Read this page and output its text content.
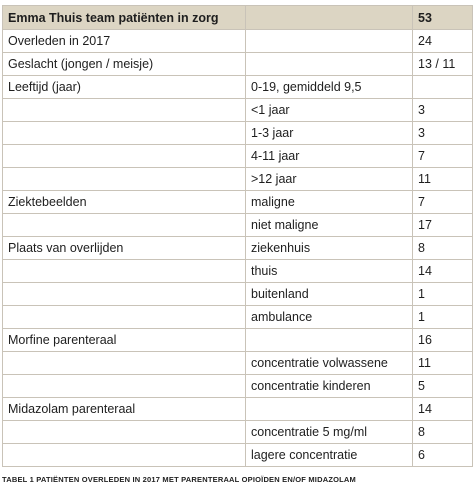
Emma Thuis team patiënten in zorg		53
Overleden in 2017		24
Geslacht (jongen / meisje)		13 / 11
Leeftijd (jaar)	0-19, gemiddeld 9,5	
	<1 jaar	3
	1-3 jaar	3
	4-11 jaar	7
	>12 jaar	11
Ziektebeelden	maligne	7
	niet maligne	17
Plaats van overlijden	ziekenhuis	8
	thuis	14
	buitenland	1
	ambulance	1
Morfine parenteraal		16
	concentratie volwassene	11
	concentratie kinderen	5
Midazolam parenteraal		14
	concentratie 5 mg/ml	8
	lagere concentratie	6
TABEL 1 PATIËNTEN OVERLEDEN IN 2017 MET PARENTERAAL OPIOÏDEN EN/OF MIDAZOLAM
